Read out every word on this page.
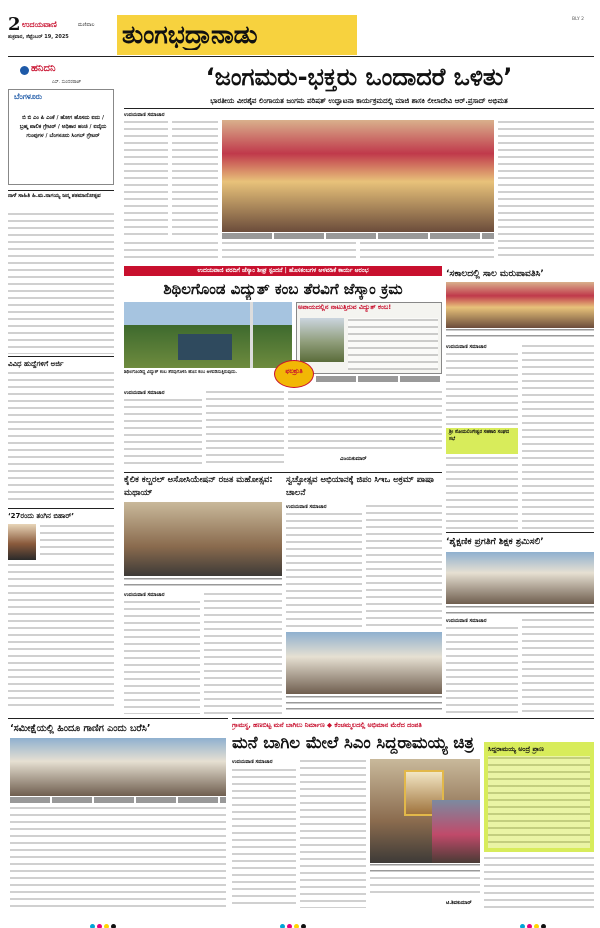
2 ಉದಯವಾಣಿ	ಮಣಿಪಾಲ
ಶುಕ್ರವಾರ, ಸೆಪ್ಟೆಂಬರ್ 19, 2025 ತುಂಗಭದ್ರಾನಾಡು
BLY 2
ಹನಿದನಿ
ಎಸ್. ಸುಂದರರಾಜ್
ಬೆಂಗಳೂರು
ಬಿ ಬಿ ಎಂ ಪಿ ಎಂಕೆ / ಹೋಗ ಹೊಸದು ಐದು / ಬ್ರಹ್ಮ ಪಾಲಿಕ ಗ್ರೇಟರ್ / ಅಧಿಕಾರ ಹಂಚಿ / ಐದೈದು ಗುಂಪುಗಳ / ಬೆಂಗಳೂರು ಸಿಂಗಲ್ ಗ್ರೇಟರ್
ನಾಳೆ ಸಾಹಿತಿ ಹಿ.ಮ.ನಾಗಯ್ಯ ಜನ್ಮ ಶತಮಾನೋತ್ಸವ
ವಿವಿಧ ಹುದ್ದೆಗಳಿಗೆ ಅರ್ಜಿ
‘27ರಂದು ತಂಗಿನ ಬಿಹಾರ್’
‘ಸಮೀಕ್ಷೆಯಲ್ಲಿ ಹಿಂದೂ ಗಾಣಿಗ ಎಂದು ಬರೆಸಿ’
‘ಜಂಗಮರು-ಭಕ್ತರು ಒಂದಾದರೆ ಒಳಿತು’
ಭಾರತೀಯ ವೀರಶೈವ ಲಿಂಗಾಯತ ಜಂಗಮ ಪರಿಷತ್ ಉದ್ಘಾಟನಾ ಕಾರ್ಯಕ್ರಮದಲ್ಲಿ ಮಾಜಿ ಶಾಸಕಿ ಲೀಲಾದೇವಿ ಆರ್.ಪ್ರಸಾದ್ ಅಭಿಮತ
ಉದಯವಾಣಿ ಸಮಾಚಾರ
ಉದಯವಾಣಿ ವರದಿಗೆ ಜೆಸ್ಕಾಂ ಶೀಘ್ರ ಸ್ಪಂದನೆ | ಹೊಸಕಂಬಗಳ ಅಳವಡಿಕೆ ಕಾರ್ಯ ಆರಂಭ
ಶಿಥಿಲಗೊಂಡ ವಿದ್ಯುತ್ ಕಂಬ ತೆರವಿಗೆ ಜೆಸ್ಕಾಂ ಕ್ರಮ
ಅಪಾಯದಲ್ಲಿನ ನಾಟುತ್ತಿರುವ ವಿದ್ಯುತ್ ಕಂಬ!
ಫಲಶ್ರುತಿ
ಶಿಥಿಲಗೊಂಡಿದ್ದ ವಿದ್ಯುತ್ ಕಂಬ ತೆರವುಗೊಳಿಸಿ ಹೊಸ ಕಂಬ ಅಳವಡಿಸುತ್ತಿರುವುದು.
ಉದಯವಾಣಿ ಸಮಾಚಾರ
ವಿಜಯಕುಮಾರ್
‘ಸಕಾಲದಲ್ಲಿ ಸಾಲ ಮರುಪಾವತಿಸಿ’
ಉದಯವಾಣಿ ಸಮಾಚಾರ
ಶ್ರೀ ಸೋಮಲಿಂಗೇಶ್ವರ ಸಹಕಾರಿ ಸಂಘದ ಸಭೆ
‘ಶೈಕ್ಷಣಿಕ ಪ್ರಗತಿಗೆ ಶಿಕ್ಷಕ ಶ್ರಮಿಸಲಿ’
ಉದಯವಾಣಿ ಸಮಾಚಾರ
ಕೈಲಿಕ ಕಲ್ಚರಲ್ ಅಸೋಸಿಯೇಷನ್ ರಜತ ಮಹೋತ್ಸವ: ಮಥಾಯ್
ಉದಯವಾಣಿ ಸಮಾಚಾರ
ಸ್ವಚ್ಛೋತ್ಸವ ಅಭಿಯಾನಕ್ಕೆ ಜಿಪಂ ಸಿಇಒ ಅಕ್ರಮ್ ಪಾಷಾ ಚಾಲನೆ
ಉದಯವಾಣಿ ಸಮಾಚಾರ
ಗ್ರಾಮಸ್ಥ, ಹಣಬಿಟ್ಟ ಮನೆ ಬಾಗಿಲು ನಿರ್ಮಾಣ ◆ ಕೆಂಚಮ್ಮಲದಲ್ಲಿ ಅಭಿಮಾನ ಮೆರೆದ ದಂಪತಿ
ಮನೆ ಬಾಗಿಲ ಮೇಲೆ ಸಿಎಂ ಸಿದ್ದರಾಮಯ್ಯ ಚಿತ್ರ
ಉದಯವಾಣಿ ಸಮಾಚಾರ
ಟಿ.ಶಿವಕುಮಾರ್
ಸಿದ್ದರಾಮಯ್ಯ ಅಂದ್ರೆ ಪ್ರಾಣ
